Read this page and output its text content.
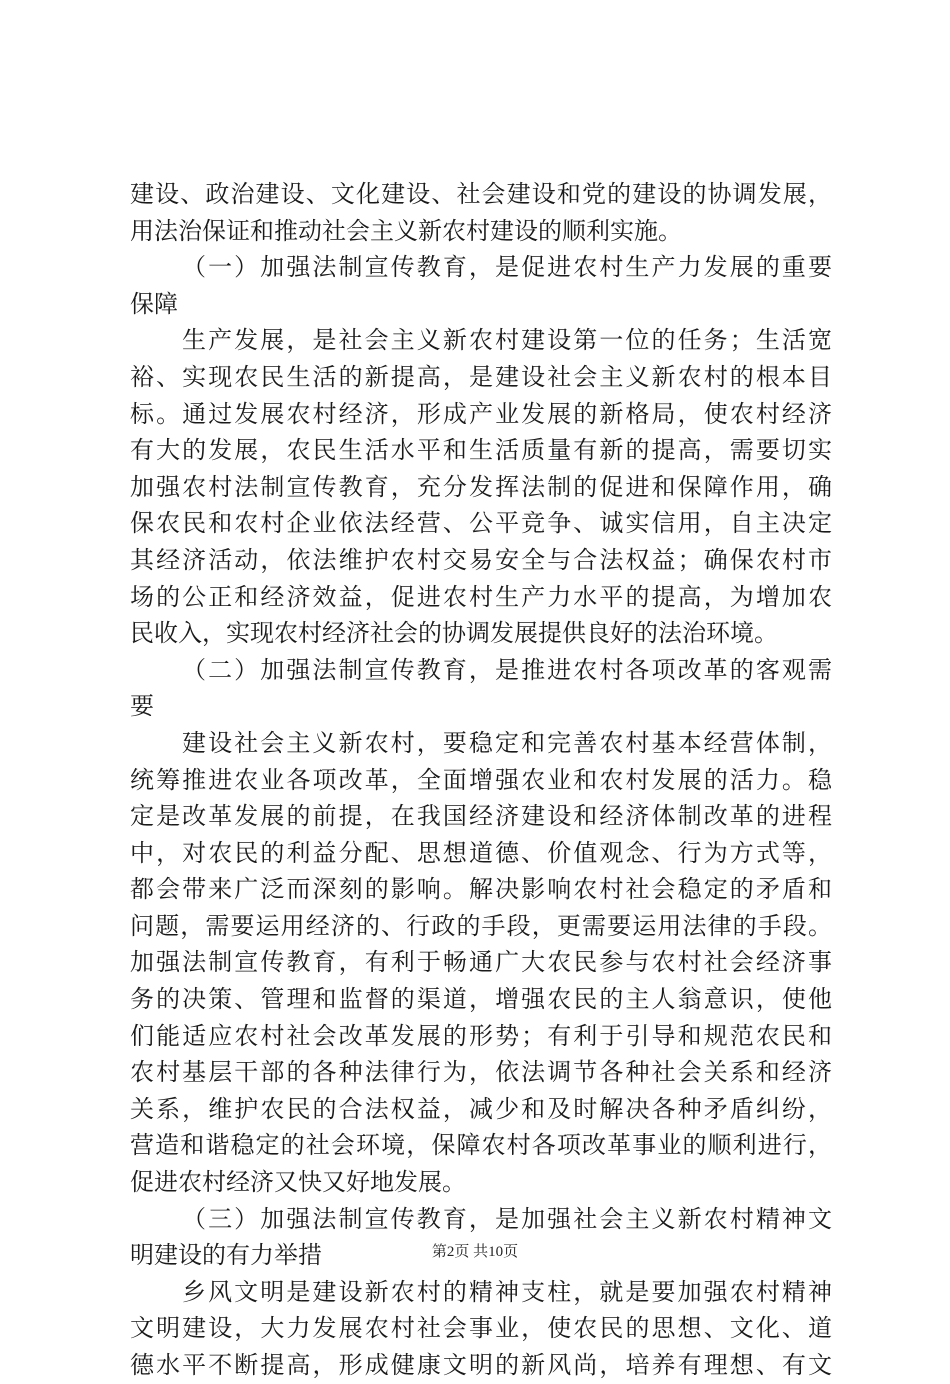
建设、政治建设、文化建设、社会建设和党的建设的协调发展，
用法治保证和推动社会主义新农村建设的顺利实施。
（一）加强法制宣传教育，是促进农村生产力发展的重要
保障
生产发展，是社会主义新农村建设第一位的任务；生活宽
裕、实现农民生活的新提高，是建设社会主义新农村的根本目
标。通过发展农村经济，形成产业发展的新格局，使农村经济
有大的发展，农民生活水平和生活质量有新的提高，需要切实
加强农村法制宣传教育，充分发挥法制的促进和保障作用，确
保农民和农村企业依法经营、公平竞争、诚实信用，自主决定
其经济活动，依法维护农村交易安全与合法权益；确保农村市
场的公正和经济效益，促进农村生产力水平的提高，为增加农
民收入，实现农村经济社会的协调发展提供良好的法治环境。
（二）加强法制宣传教育，是推进农村各项改革的客观需
要
建设社会主义新农村，要稳定和完善农村基本经营体制，
统筹推进农业各项改革，全面增强农业和农村发展的活力。稳
定是改革发展的前提，在我国经济建设和经济体制改革的进程
中，对农民的利益分配、思想道德、价值观念、行为方式等，
都会带来广泛而深刻的影响。解决影响农村社会稳定的矛盾和
问题，需要运用经济的、行政的手段，更需要运用法律的手段。
加强法制宣传教育，有利于畅通广大农民参与农村社会经济事
务的决策、管理和监督的渠道，增强农民的主人翁意识，使他
们能适应农村社会改革发展的形势；有利于引导和规范农民和
农村基层干部的各种法律行为，依法调节各种社会关系和经济
关系，维护农民的合法权益，减少和及时解决各种矛盾纠纷，
营造和谐稳定的社会环境，保障农村各项改革事业的顺利进行，
促进农村经济又快又好地发展。
（三）加强法制宣传教育，是加强社会主义新农村精神文
明建设的有力举措
乡风文明是建设新农村的精神支柱，就是要加强农村精神
文明建设，大力发展农村社会事业，使农民的思想、文化、道
德水平不断提高，形成健康文明的新风尚，培养有理想、有文
第2页 共10页
